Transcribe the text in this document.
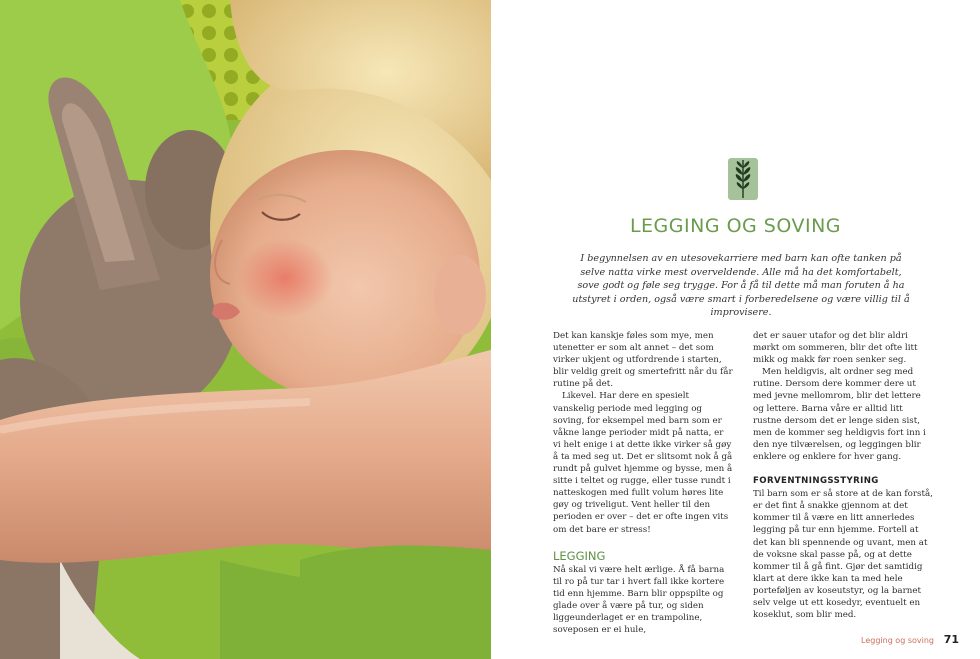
LEGGING OG SOVING

I begynnelsen av en utesovekarriere med barn kan ofte tanken på selve natta virke mest overveldende. Alle må ha det komfortabelt, sove godt og føle seg trygge. For å få til dette må man foruten å ha utstyret i orden, også være smart i forberedelsene og være villig til å improvisere.

Det kan kanskje føles som mye, men utenetter er som alt annet – det som virker ukjent og utfordrende i starten, blir veldig greit og smertefritt når du får rutine på det.

Likevel. Har dere en spesielt vanskelig periode med legging og soving, for eksempel med barn som er våkne lange perioder midt på natta, er vi helt enige i at dette ikke virker så gøy å ta med seg ut. Det er slitsomt nok å gå rundt på gulvet hjemme og bysse, men å sitte i teltet og rugge, eller tusse rundt i natteskogen med fullt volum høres lite gøy og triveligut. Vent heller til den perioden er over – det er ofte ingen vits om det bare er stress!

LEGGING

Nå skal vi være helt ærlige. Å få barna til ro på tur tar i hvert fall ikke kortere tid enn hjemme. Barn blir oppspilte og glade over å være på tur, og siden liggeunderlaget er en trampoline, soveposen er ei hule,

det er sauer utafor og det blir aldri mørkt om sommeren, blir det ofte litt mikk og makk før roen senker seg.

Men heldigvis, alt ordner seg med rutine. Dersom dere kommer dere ut med jevne mellomrom, blir det lettere og lettere. Barna våre er alltid litt rustne dersom det er lenge siden sist, men de kommer seg heldigvis fort inn i den nye tilværelsen, og leggingen blir enklere og enklere for hver gang.

FORVENTNINGSSTYRING

Til barn som er så store at de kan forstå, er det fint å snakke gjennom at det kommer til å være en litt annerledes legging på tur enn hjemme. Fortell at det kan bli spennende og uvant, men at de voksne skal passe på, og at dette kommer til å gå fint. Gjør det samtidig klart at dere ikke kan ta med hele porteføljen av koseutstyr, og la barnet selv velge ut ett kosedyr, eventuelt en koseklut, som blir med.

Legging og soving 71
